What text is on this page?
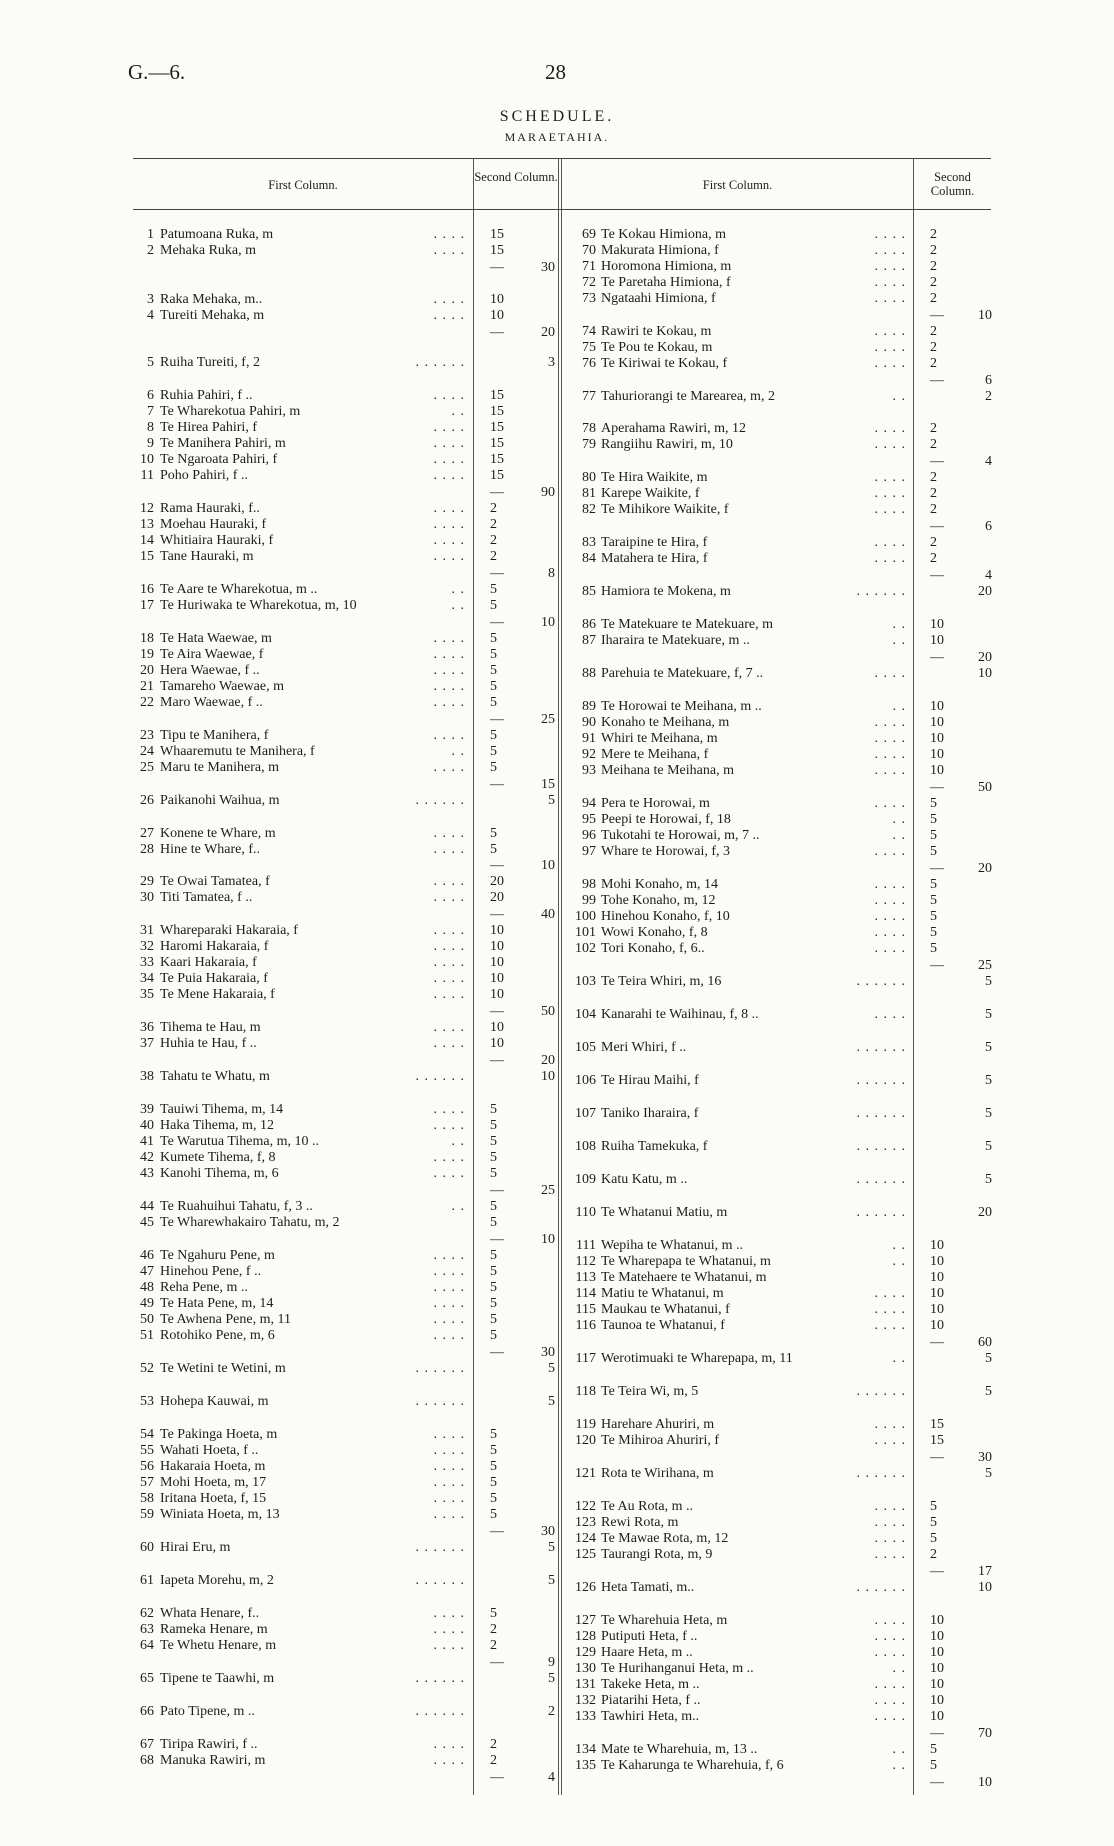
G.—6.	28
SCHEDULE.
MARAETAHIA.
First Column.
Second Column.
First Column.
Second Column.
1 Patumoana Ruka, m	. . . . 15
2 Mehaka Ruka, m	. . . . 15
—	30
3 Raka Mehaka, m..	. . . . 10
4 Tureiti Mehaka, m	. . . . 10
—	20
5 Ruiha Tureiti, f, 2	. . . . . .	3
6 Ruhia Pahiri, f ..	. . . . 15
7 Te Wharekotua Pahiri, m	. . 15
8 Te Hirea Pahiri, f	. . . . 15
9 Te Manihera Pahiri, m	. . . . 15
10 Te Ngaroata Pahiri, f	. . . . 15
11 Poho Pahiri, f ..	. . . . 15
—	90
12 Rama Hauraki, f..	. . . . 2
13 Moehau Hauraki, f	. . . . 2
14 Whitiaira Hauraki, f	. . . . 2
15 Tane Hauraki, m	. . . . 2
—	8
16 Te Aare te Wharekotua, m ..	. . 5
17 Te Huriwaka te Wharekotua, m, 10	. . 5
—	10
18 Te Hata Waewae, m	. . . . 5
19 Te Aira Waewae, f	. . . . 5
20 Hera Waewae, f ..	. . . . 5
21 Tamareho Waewae, m	. . . . 5
22 Maro Waewae, f ..	. . . . 5
—	25
23 Tipu te Manihera, f	. . . . 5
24 Whaaremutu te Manihera, f	. . 5
25 Maru te Manihera, m	. . . . 5
—	15
26 Paikanohi Waihua, m	. . . . . .	5
27 Konene te Whare, m	. . . . 5
28 Hine te Whare, f..	. . . . 5
—	10
29 Te Owai Tamatea, f	. . . . 20
30 Titi Tamatea, f ..	. . . . 20
—	40
31 Whareparaki Hakaraia, f	. . . . 10
32 Haromi Hakaraia, f	. . . . 10
33 Kaari Hakaraia, f	. . . . 10
34 Te Puia Hakaraia, f	. . . . 10
35 Te Mene Hakaraia, f	. . . . 10
—	50
36 Tihema te Hau, m	. . . . 10
37 Huhia te Hau, f ..	. . . . 10
—	20
38 Tahatu te Whatu, m	. . . . . .	10
39 Tauiwi Tihema, m, 14	. . . . 5
40 Haka Tihema, m, 12	. . . . 5
41 Te Warutua Tihema, m, 10 ..	. . 5
42 Kumete Tihema, f, 8	. . . . 5
43 Kanohi Tihema, m, 6	. . . . 5
—	25
44 Te Ruahuihui Tahatu, f, 3 ..	. . 5
45 Te Wharewhakairo Tahatu, m, 2	5
—	10
46 Te Ngahuru Pene, m	. . . . 5
47 Hinehou Pene, f ..	. . . . 5
48 Reha Pene, m ..	. . . . 5
49 Te Hata Pene, m, 14	. . . . 5
50 Te Awhena Pene, m, 11	. . . . 5
51 Rotohiko Pene, m, 6	. . . . 5
—	30
52 Te Wetini te Wetini, m	. . . . . .	5
53 Hohepa Kauwai, m	. . . . . .	5
54 Te Pakinga Hoeta, m	. . . . 5
55 Wahati Hoeta, f ..	. . . . 5
56 Hakaraia Hoeta, m	. . . . 5
57 Mohi Hoeta, m, 17	. . . . 5
58 Iritana Hoeta, f, 15	. . . . 5
59 Winiata Hoeta, m, 13	. . . . 5
—	30
60 Hirai Eru, m	. . . . . .	5
61 Iapeta Morehu, m, 2	. . . . . .	5
62 Whata Henare, f..	. . . . 5
63 Rameka Henare, m	. . . . 2
64 Te Whetu Henare, m	. . . . 2
—	9
65 Tipene te Taawhi, m	. . . . . .	5
66 Pato Tipene, m ..	. . . . . .	2
67 Tiripa Rawiri, f ..	. . . . 2
68 Manuka Rawiri, m	. . . . 2
—	4
69 Te Kokau Himiona, m	. . . . 2
70 Makurata Himiona, f	. . . . 2
71 Horomona Himiona, m	. . . . 2
72 Te Paretaha Himiona, f	. . . . 2
73 Ngataahi Himiona, f	. . . . 2
—	10
74 Rawiri te Kokau, m	. . . . 2
75 Te Pou te Kokau, m	. . . . 2
76 Te Kiriwai te Kokau, f	. . . . 2
—	6
77 Tahuriorangi te Marearea, m, 2	. .	2
78 Aperahama Rawiri, m, 12	. . . . 2
79 Rangiihu Rawiri, m, 10	. . . . 2
—	4
80 Te Hira Waikite, m	. . . . 2
81 Karepe Waikite, f	. . . . 2
82 Te Mihikore Waikite, f	. . . . 2
—	6
83 Taraipine te Hira, f	. . . . 2
84 Matahera te Hira, f	. . . . 2
—	4
85 Hamiora te Mokena, m	. . . . . .	20
86 Te Matekuare te Matekuare, m	. . 10
87 Iharaira te Matekuare, m ..	. . 10
—	20
88 Parehuia te Matekuare, f, 7 ..	. . . .	10
89 Te Horowai te Meihana, m ..	. . 10
90 Konaho te Meihana, m	. . . . 10
91 Whiri te Meihana, m	. . . . 10
92 Mere te Meihana, f	. . . . 10
93 Meihana te Meihana, m	. . . . 10
—	50
94 Pera te Horowai, m	. . . . 5
95 Peepi te Horowai, f, 18	. . 5
96 Tukotahi te Horowai, m, 7 ..	. . 5
97 Whare te Horowai, f, 3	. . . . 5
—	20
98 Mohi Konaho, m, 14	. . . . 5
99 Tohe Konaho, m, 12	. . . . 5
100 Hinehou Konaho, f, 10	. . . . 5
101 Wowi Konaho, f, 8	. . . . 5
102 Tori Konaho, f, 6..	. . . . 5
—	25
103 Te Teira Whiri, m, 16	. . . . . .	5
104 Kanarahi te Waihinau, f, 8 ..	. . . .	5
105 Meri Whiri, f ..	. . . . . .	5
106 Te Hirau Maihi, f	. . . . . .	5
107 Taniko Iharaira, f	. . . . . .	5
108 Ruiha Tamekuka, f	. . . . . .	5
109 Katu Katu, m ..	. . . . . .	5
110 Te Whatanui Matiu, m	. . . . . .	20
111 Wepiha te Whatanui, m ..	. . 10
112 Te Wharepapa te Whatanui, m	. . 10
113 Te Matehaere te Whatanui, m	10
114 Matiu te Whatanui, m	. . . . 10
115 Maukau te Whatanui, f	. . . . 10
116 Taunoa te Whatanui, f	. . . . 10
—	60
117 Werotimuaki te Wharepapa, m, 11	. .	5
118 Te Teira Wi, m, 5	. . . . . .	5
119 Harehare Ahuriri, m	. . . . 15
120 Te Mihiroa Ahuriri, f	. . . . 15
—	30
121 Rota te Wirihana, m	. . . . . .	5
122 Te Au Rota, m ..	. . . . 5
123 Rewi Rota, m	. . . . 5
124 Te Mawae Rota, m, 12	. . . . 5
125 Taurangi Rota, m, 9	. . . . 2
—	17
126 Heta Tamati, m..	. . . . . .	10
127 Te Wharehuia Heta, m	. . . . 10
128 Putiputi Heta, f ..	. . . . 10
129 Haare Heta, m ..	. . . . 10
130 Te Hurihanganui Heta, m ..	. . 10
131 Takeke Heta, m ..	. . . . 10
132 Piatarihi Heta, f ..	. . . . 10
133 Tawhiri Heta, m..	. . . . 10
—	70
134 Mate te Wharehuia, m, 13 ..	. . 5
135 Te Kaharunga te Wharehuia, f, 6	. . 5
—	10
